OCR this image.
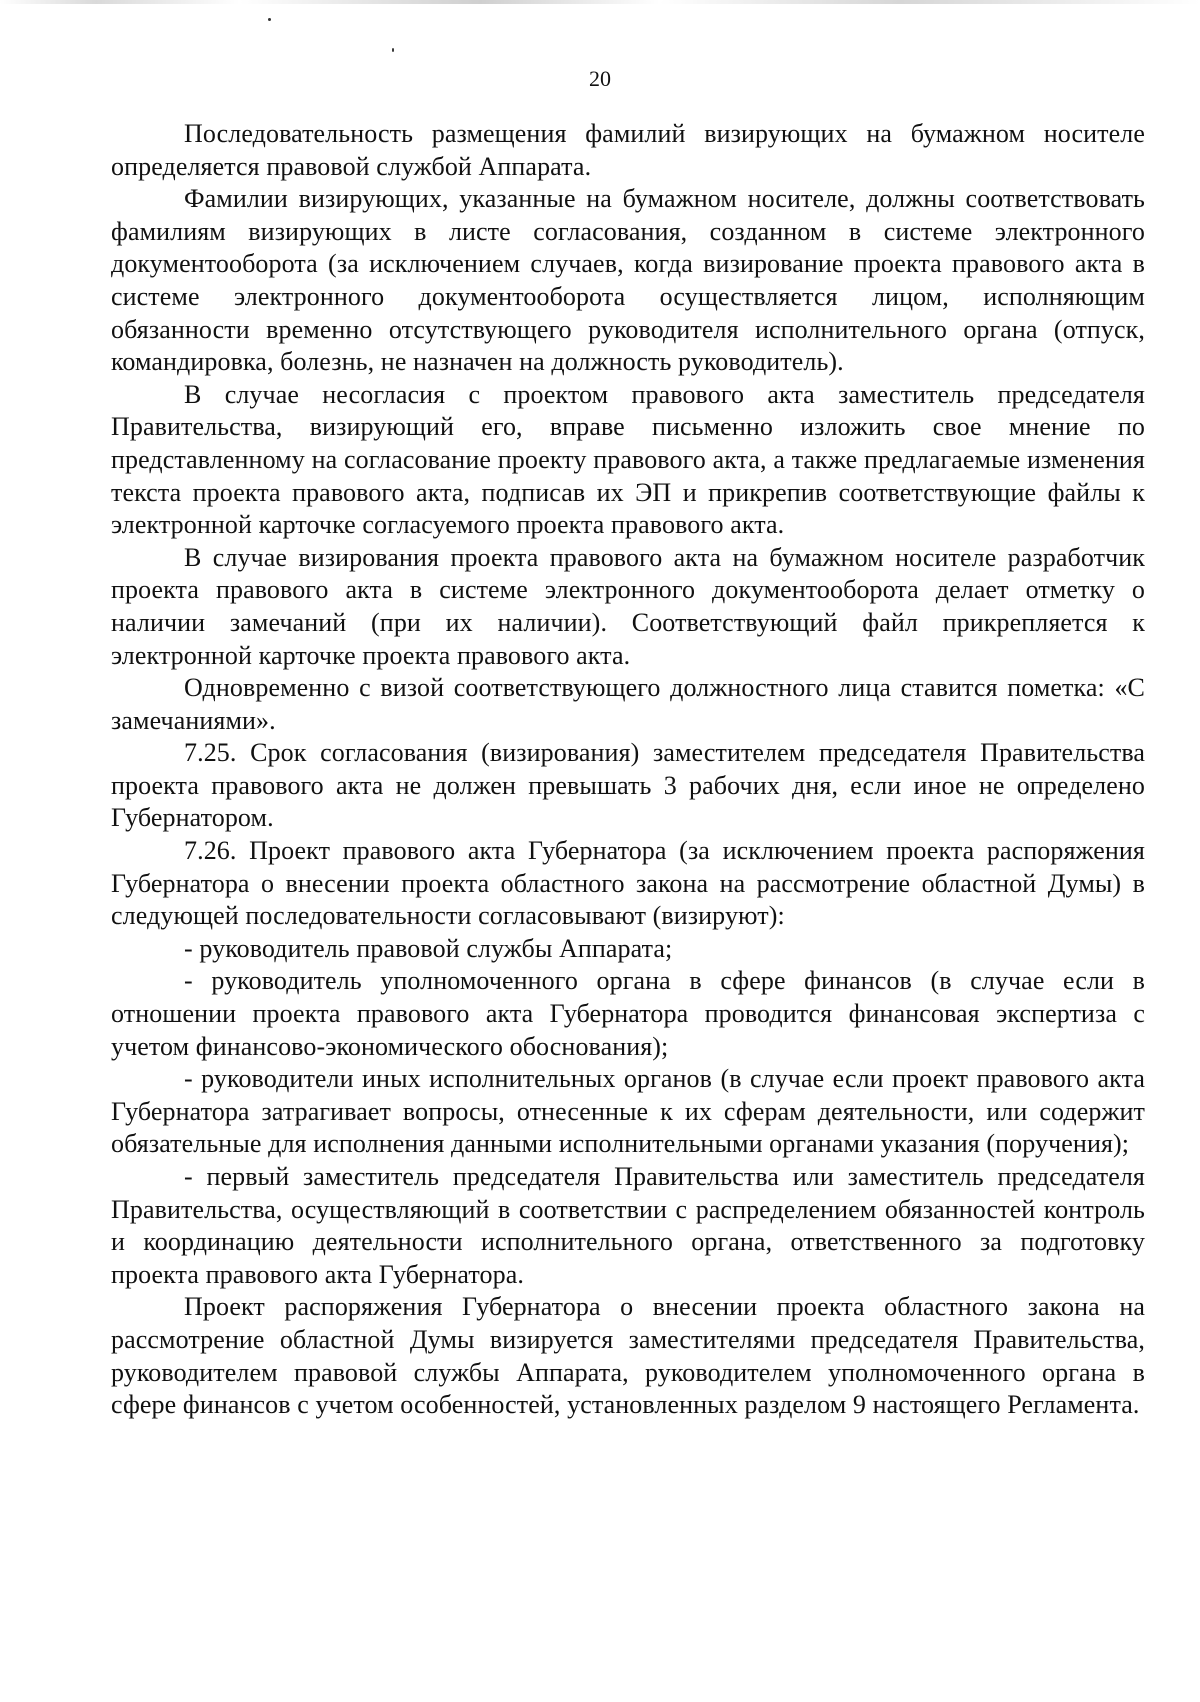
20

Последовательность размещения фамилий визирующих на бумажном носителе определяется правовой службой Аппарата.

Фамилии визирующих, указанные на бумажном носителе, должны соответствовать фамилиям визирующих в листе согласования, созданном в системе электронного документооборота (за исключением случаев, когда визирование проекта правового акта в системе электронного документооборота осуществляется лицом, исполняющим обязанности временно отсутствующего руководителя исполнительного органа (отпуск, командировка, болезнь, не назначен на должность руководитель).

В случае несогласия с проектом правового акта заместитель председателя Правительства, визирующий его, вправе письменно изложить свое мнение по представленному на согласование проекту правового акта, а также предлагаемые изменения текста проекта правового акта, подписав их ЭП и прикрепив соответствующие файлы к электронной карточке согласуемого проекта правового акта.

В случае визирования проекта правового акта на бумажном носителе разработчик проекта правового акта в системе электронного документооборота делает отметку о наличии замечаний (при их наличии). Соответствующий файл прикрепляется к электронной карточке проекта правового акта.

Одновременно с визой соответствующего должностного лица ставится пометка: «С замечаниями».

7.25. Срок согласования (визирования) заместителем председателя Правительства проекта правового акта не должен превышать 3 рабочих дня, если иное не определено Губернатором.

7.26. Проект правового акта Губернатора (за исключением проекта распоряжения Губернатора о внесении проекта областного закона на рассмотрение областной Думы) в следующей последовательности согласовывают (визируют):

- руководитель правовой службы Аппарата;

- руководитель уполномоченного органа в сфере финансов (в случае если в отношении проекта правового акта Губернатора проводится финансовая экспертиза с учетом финансово-экономического обоснования);

- руководители иных исполнительных органов (в случае если проект правового акта Губернатора затрагивает вопросы, отнесенные к их сферам деятельности, или содержит обязательные для исполнения данными исполнительными органами указания (поручения);

- первый заместитель председателя Правительства или заместитель председателя Правительства, осуществляющий в соответствии с распределением обязанностей контроль и координацию деятельности исполнительного органа, ответственного за подготовку проекта правового акта Губернатора.

Проект распоряжения Губернатора о внесении проекта областного закона на рассмотрение областной Думы визируется заместителями председателя Правительства, руководителем правовой службы Аппарата, руководителем уполномоченного органа в сфере финансов с учетом особенностей, установленных разделом 9 настоящего Регламента.
